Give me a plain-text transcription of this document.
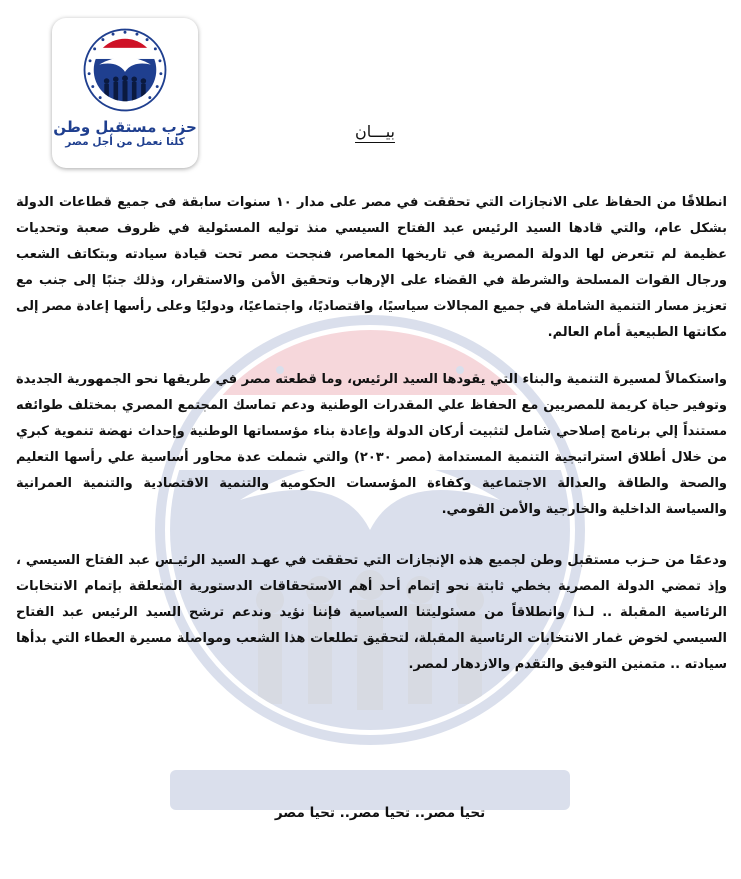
حزب مستقبل وطن
كلنا نعمل من أجل مصر
بيـــان

انطلاقًا من الحفاظ على الانجازات التي تحققت في مصر على مدار ١٠ سنوات سابقة فى جميع قطاعات الدولة بشكل عام، والتي قادها السيد الرئيس عبد الفتاح السيسي منذ توليه المسئولية في ظروف صعبة وتحديات عظيمة لم تتعرض لها الدولة المصرية في تاريخها المعاصر، فنجحت مصر تحت قيادة سيادته وبتكاتف الشعب ورجال القوات المسلحة والشرطة في القضاء على الإرهاب وتحقيق الأمن والاستقرار، وذلك جنبًا إلى جنب مع تعزيز مسار التنمية الشاملة في جميع المجالات سياسيًا، واقتصاديًا، واجتماعيًا، ودوليًا وعلى رأسها إعادة مصر إلى مكانتها الطبيعية أمام العالم.

واستكمالاً لمسيرة التنمية والبناء التي يقودها السيد الرئيس، وما قطعته مصر في طريقها نحو الجمهورية الجديدة وتوفير حياة كريمة للمصريين مع الحفاظ علي المقدرات الوطنية ودعم تماسك المجتمع المصري بمختلف طوائفه مستنداً إلي برنامج إصلاحي شامل لتثبيت أركان الدولة وإعادة بناء مؤسساتها الوطنية وإحداث نهضة تنموية كبري من خلال أطلاق استراتيجية التنمية المستدامة (مصر ٢٠٣٠) والتي شملت عدة محاور أساسية علي رأسها التعليم والصحة والطاقة والعدالة الاجتماعية وكفاءة المؤسسات الحكومية والتنمية الاقتصادية والتنمية العمرانية والسياسة الداخلية والخارجية والأمن القومي.

ودعمًا من حـزب مستقبل وطن لجميع هذه الإنجازات التي تحققت في عهـد السيد الرئيـس عبد الفتاح السيسي ، وإذ تمضي الدولة المصرية بخطي ثابتة نحو إتمام أحد أهم الاستحقاقات الدستورية المتعلقة بإتمام الانتخابات الرئاسية المقبلة .. لـذا وانطلاقاً من مسئوليتنا السياسية فإننا نؤيد وندعم ترشح السيد الرئيس عبد الفتاح السيسي لخوض غمار الانتخابات الرئاسية المقبلة، لتحقيق تطلعات هذا الشعب ومواصلة مسيرة العطاء التي بدأها سيادته .. متمنين التوفيق والتقدم والازدهار لمصر.

تحيا مصر.. تحيا مصر.. تحيا مصر
